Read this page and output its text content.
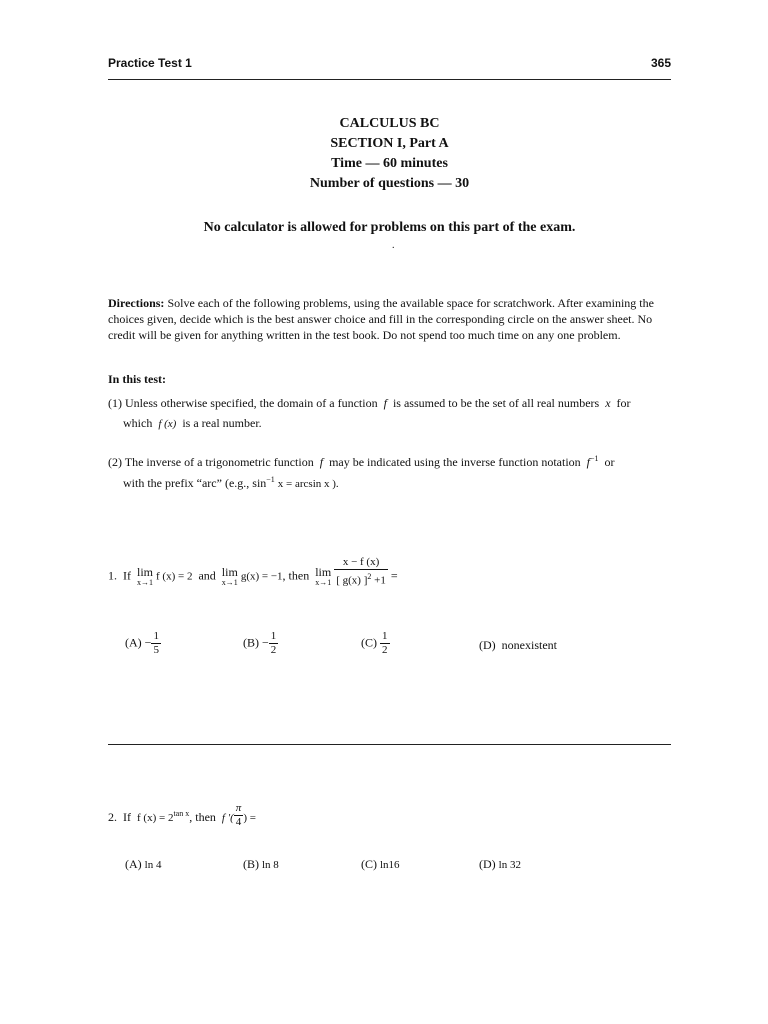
Practice Test 1	365
CALCULUS BC
SECTION I, Part A
Time — 60 minutes
Number of questions — 30
No calculator is allowed for problems on this part of the exam.
.
Directions: Solve each of the following problems, using the available space for scratchwork. After examining the choices given, decide which is the best answer choice and fill in the corresponding circle on the answer sheet. No credit will be given for anything written in the test book. Do not spend too much time on any one problem.
In this test:
(1) Unless otherwise specified, the domain of a function f is assumed to be the set of all real numbers x for
which f (x) is a real number.
(2) The inverse of a trigonometric function f may be indicated using the inverse function notation $f^{-1}$ or
with the prefix “arc” (e.g., $\sin^{-1} x = \arcsin x$ ).
1. If lim
x→1 f (x) = 2 and lim
x→1 g(x) = −1, then lim
x→1
$\frac{x - f (x)}{[ g(x) ]^2 +1}$ =
$(A) - \frac{1}{5}$	$(B) - \frac{1}{2}$	$(C) \frac{1}{2}$	(D) nonexistent
2. If f $(x) = 2^{tan x}$, then f ′( $\frac{\pi}{4}$ ) =
(A) ln 4	(B) ln 8	(C) ln16	(D) ln 32
